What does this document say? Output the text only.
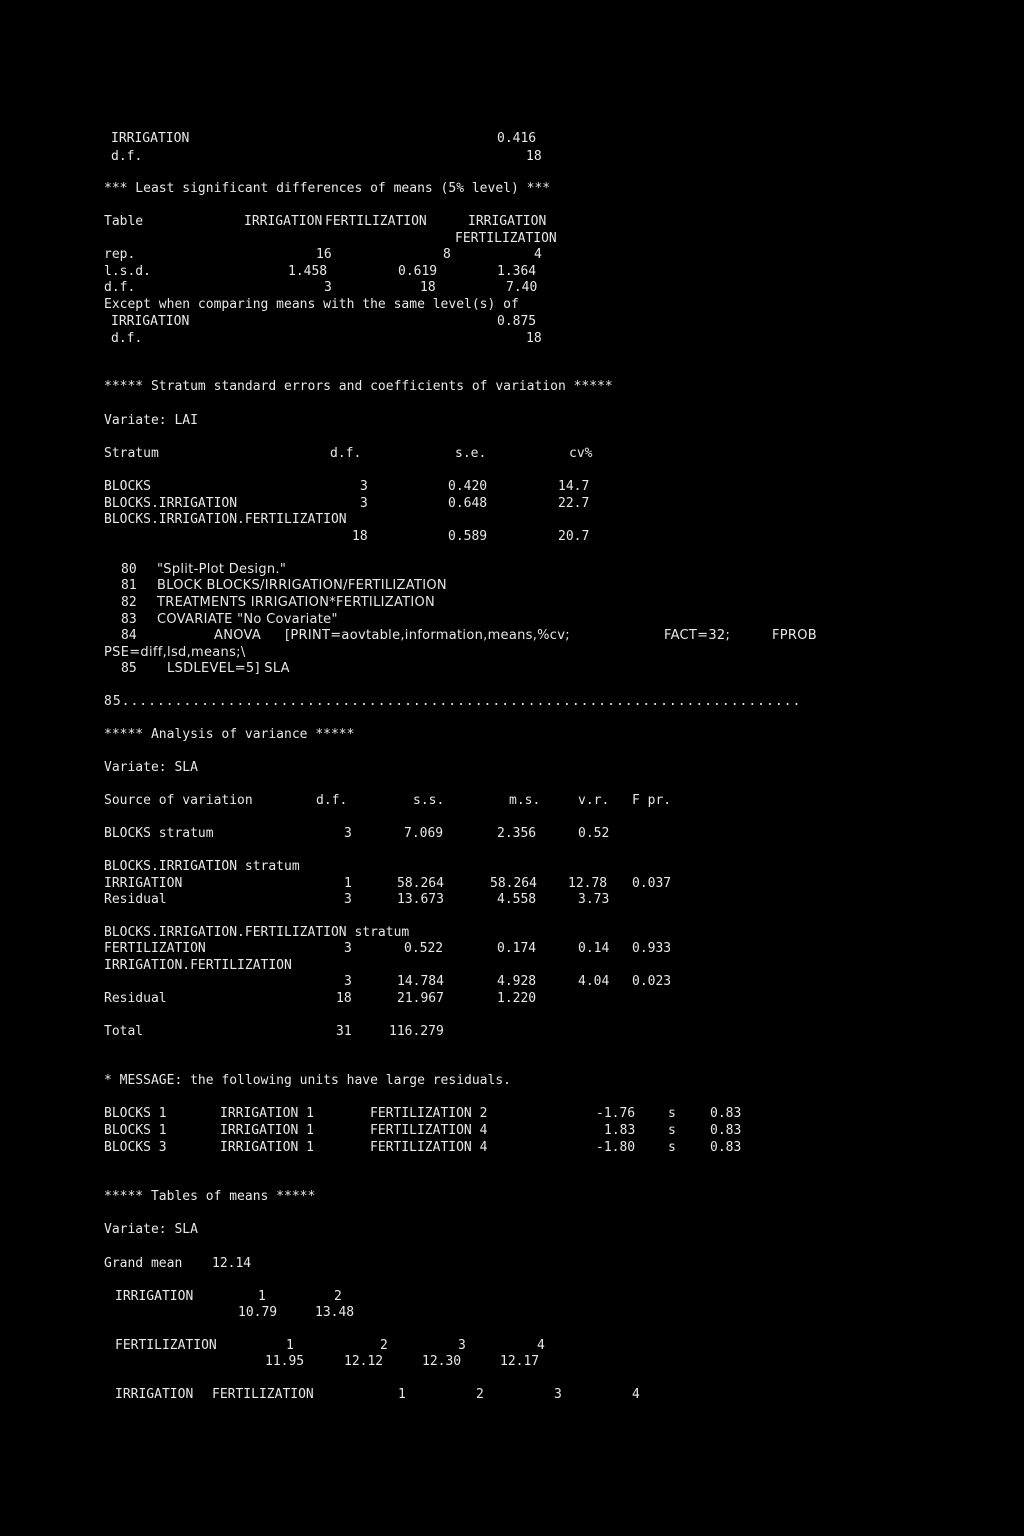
IRRIGATION	0.416
d.f.	18
*** Least significant differences of means (5% level) ***
Table	IRRIGATION FERTILIZATION	IRRIGATION
FERTILIZATION
rep.	16	8	4
l.s.d.	1.458	0.619	1.364
d.f.	3	18	7.40
Except when comparing means with the same level(s) of
IRRIGATION	0.875
d.f.	18
***** Stratum standard errors and coefficients of variation *****
Variate: LAI
Stratum	d.f.	s.e.	cv%
BLOCKS	3	0.420	14.7
BLOCKS.IRRIGATION	3	0.648	22.7
BLOCKS.IRRIGATION.FERTILIZATION
18	0.589	20.7
80 "Split-Plot Design."
81 BLOCK BLOCKS/IRRIGATION/FERTILIZATION
82 TREATMENTS IRRIGATION*FERTILIZATION
83 COVARIATE "No Covariate"
84	ANOVA [PRINT=aovtable,information,means,%cv;	FACT=32;	FPROB
PSE=diff,lsd,means;\
85 LSDLEVEL=5] SLA
85.............................................................................
***** Analysis of variance *****
Variate: SLA
Source of variation	d.f.	s.s.	m.s.	v.r. F pr.
BLOCKS stratum	3	7.069	2.356	0.52
BLOCKS.IRRIGATION stratum
IRRIGATION	1	58.264	58.264 12.78 0.037
Residual	3	13.673	4.558	3.73
BLOCKS.IRRIGATION.FERTILIZATION stratum
FERTILIZATION	3	0.522	0.174	0.14 0.933
IRRIGATION.FERTILIZATION
3	14.784	4.928	4.04 0.023
Residual	18	21.967	1.220
Total	31	116.279
* MESSAGE: the following units have large residuals.
BLOCKS 1	IRRIGATION 1	FERTILIZATION 2	-1.76	s	0.83
BLOCKS 1	IRRIGATION 1	FERTILIZATION 4	1.83	s	0.83
BLOCKS 3	IRRIGATION 1	FERTILIZATION 4	-1.80	s	0.83
***** Tables of means *****
Variate: SLA
Grand mean 12.14
IRRIGATION	1	2
10.79	13.48
FERTILIZATION	1	2	3	4
11.95	12.12	12.30	12.17
IRRIGATION FERTILIZATION	1	2	3	4
